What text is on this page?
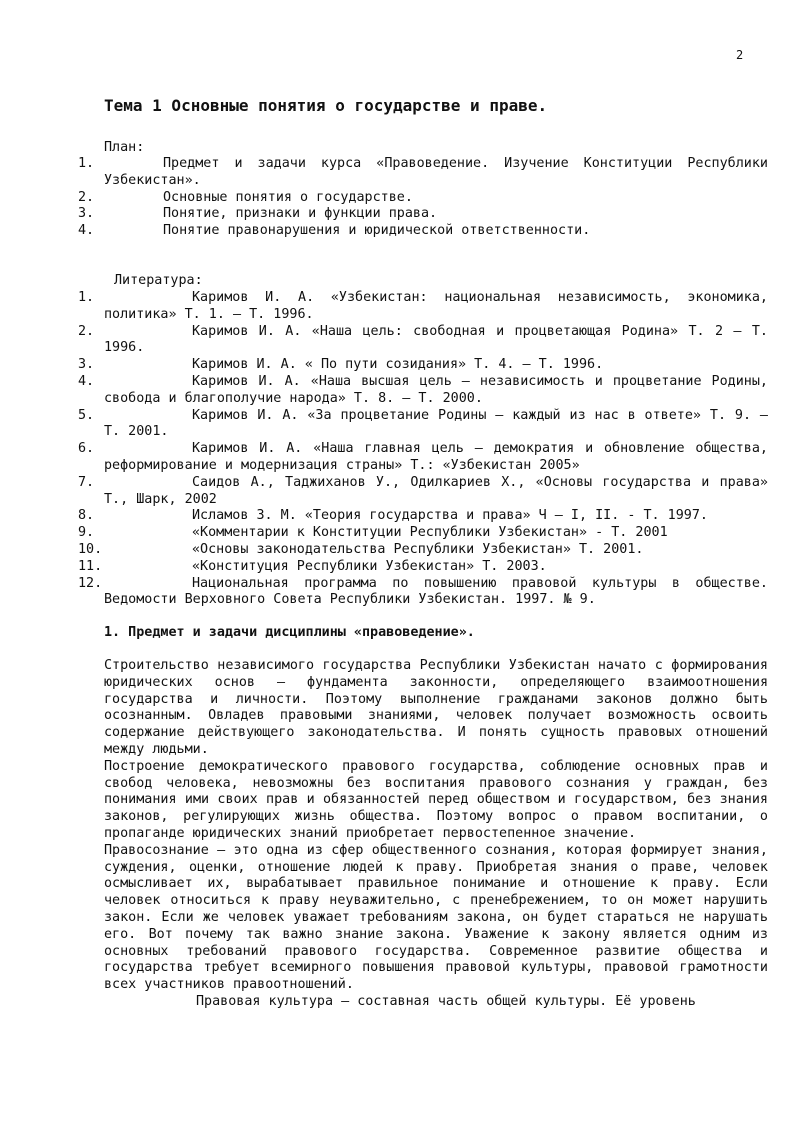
2
Тема 1 Основные понятия о государстве и праве.

План:

1.	Предмет и задачи курса «Правоведение. Изучение Конституции Республики Узбекистан».
2.	Основные понятия о государстве.
3.	Понятие, признаки и функции права.
4.	Понятие правонарушения и юридической ответственности.

Литература:

1.	Каримов И. А. «Узбекистан: национальная независимость, экономика, политика» Т. 1. – Т. 1996.
2.	Каримов И. А. «Наша цель: свободная и процветающая Родина» Т. 2 – Т. 1996.
3.	Каримов И. А. « По пути созидания» Т. 4. – Т. 1996.
4.	Каримов И. А. «Наша высшая цель – независимость и процветание Родины, свобода и благополучие народа» Т. 8. – Т. 2000.
5.	Каримов И. А. «За процветание Родины – каждый из нас в ответе» Т. 9. – Т. 2001.
6.	Каримов И. А. «Наша главная цель – демократия и обновление общества, реформирование и модернизация страны» Т.: «Узбекистан 2005»
7.	Саидов А., Таджиханов У., Одилкариев Х., «Основы государства и права» Т., Шарк, 2002
8.	Исламов З. М. «Теория государства и права» Ч – I, II. - Т. 1997.
9.	«Комментарии к Конституции Республики Узбекистан» - Т. 2001
10.	«Основы законодательства Республики Узбекистан» Т. 2001.
11.	«Конституция Республики Узбекистан» Т. 2003.
12.	Национальная программа по повышению правовой культуры в обществе. Ведомости Верховного Совета Республики Узбекистан. 1997. № 9.
1. Предмет и задачи дисциплины «правоведение».

Строительство независимого государства Республики Узбекистан начато с формирования юридических основ – фундамента законности, определяющего взаимоотношения государства и личности. Поэтому выполнение гражданами законов должно быть осознанным. Овладев правовыми знаниями, человек получает возможность освоить содержание действующего законодательства. И понять сущность правовых отношений между людьми.

Построение демократического правового государства, соблюдение основных прав и свобод человека, невозможны без воспитания правового сознания у граждан, без понимания ими своих прав и обязанностей перед обществом и государством, без знания законов, регулирующих жизнь общества. Поэтому вопрос о правом воспитании, о пропаганде юридических знаний приобретает первостепенное значение.

Правосознание – это одна из сфер общественного сознания, которая формирует знания, суждения, оценки, отношение людей к праву. Приобретая знания о праве, человек осмысливает их, вырабатывает правильное понимание и отношение к праву. Если человек относиться к праву неуважительно, с пренебрежением, то он может нарушить закон. Если же человек уважает требованиям закона, он будет стараться не нарушать его. Вот почему так важно знание закона. Уважение к закону является одним из основных требований правового государства. Современное развитие общества и государства требует всемирного повышения правовой культуры, правовой грамотности всех участников правоотношений.

Правовая культура – составная часть общей культуры. Её уровень
